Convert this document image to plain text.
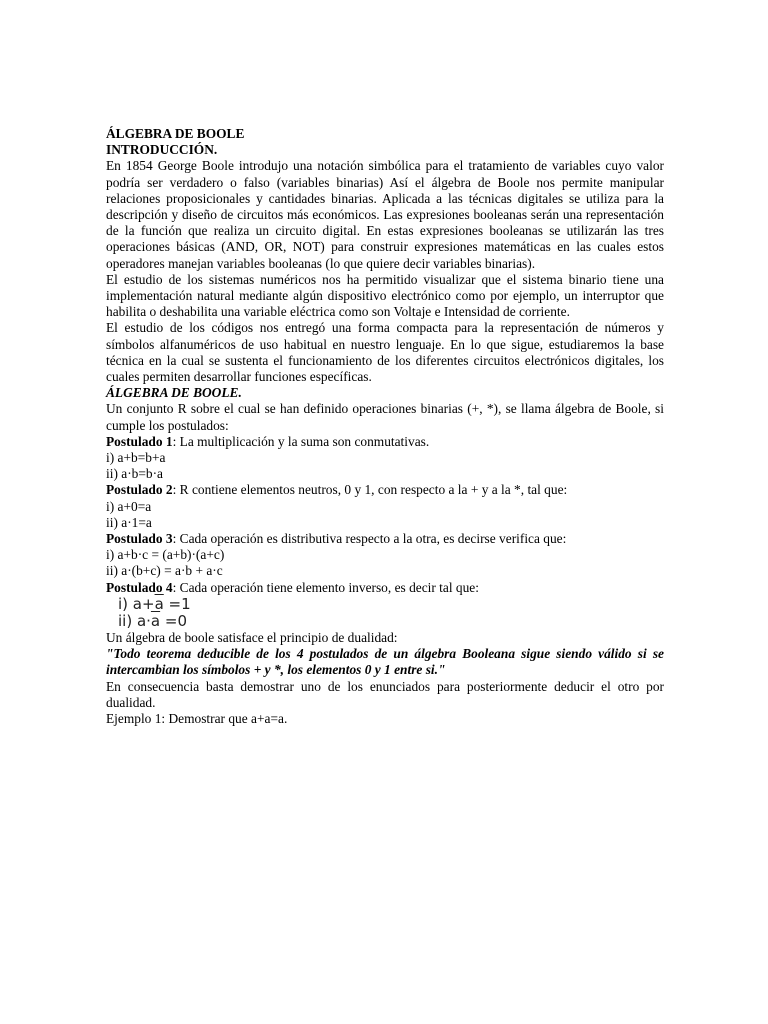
ÁLGEBRA DE BOOLE
INTRODUCCIÓN.
En 1854 George Boole introdujo una notación simbólica para el tratamiento de variables cuyo valor podría ser verdadero o falso (variables binarias) Así el álgebra de Boole nos permite manipular relaciones proposicionales y cantidades binarias. Aplicada a las técnicas digitales se utiliza para la descripción y diseño de circuitos más económicos. Las expresiones booleanas serán una representación de la función que realiza un circuito digital. En estas expresiones booleanas se utilizarán las tres operaciones básicas (AND, OR, NOT) para construir expresiones matemáticas en las cuales estos operadores manejan variables booleanas (lo que quiere decir variables binarias).
El estudio de los sistemas numéricos nos ha permitido visualizar que el sistema binario tiene una implementación natural mediante algún dispositivo electrónico como por ejemplo, un interruptor que habilita o deshabilita una variable eléctrica como son Voltaje e Intensidad de corriente.
El estudio de los códigos nos entregó una forma compacta para la representación de números y símbolos alfanuméricos de uso habitual en nuestro lenguaje. En lo que sigue, estudiaremos la base técnica en la cual se sustenta el funcionamiento de los diferentes circuitos electrónicos digitales, los cuales permiten desarrollar funciones específicas.
ÁLGEBRA DE BOOLE.
Un conjunto R sobre el cual se han definido operaciones binarias (+, *), se llama álgebra de Boole, si cumple los postulados:
Postulado 1: La multiplicación y la suma son conmutativas.
i) a+b=b+a
ii) a·b=b·a
Postulado 2: R contiene elementos neutros, 0 y 1, con respecto a la + y a la *, tal que:
i) a+0=a
ii) a·1=a
Postulado 3: Cada operación es distributiva respecto a la otra, es decirse verifica que:
i) a+b·c = (a+b)·(a+c)
ii) a·(b+c) = a·b + a·c
Postulado 4: Cada operación tiene elemento inverso, es decir tal que:
i) $a+\overline{a} =1$
ii) $a\cdot\overline{a} =0$
Un álgebra de boole satisface el principio de dualidad:
"Todo teorema deducible de los 4 postulados de un álgebra Booleana sigue siendo válido si se intercambian los símbolos + y *, los elementos 0 y 1 entre si."
En consecuencia basta demostrar uno de los enunciados para posteriormente deducir el otro por dualidad.
Ejemplo 1: Demostrar que a+a=a.
